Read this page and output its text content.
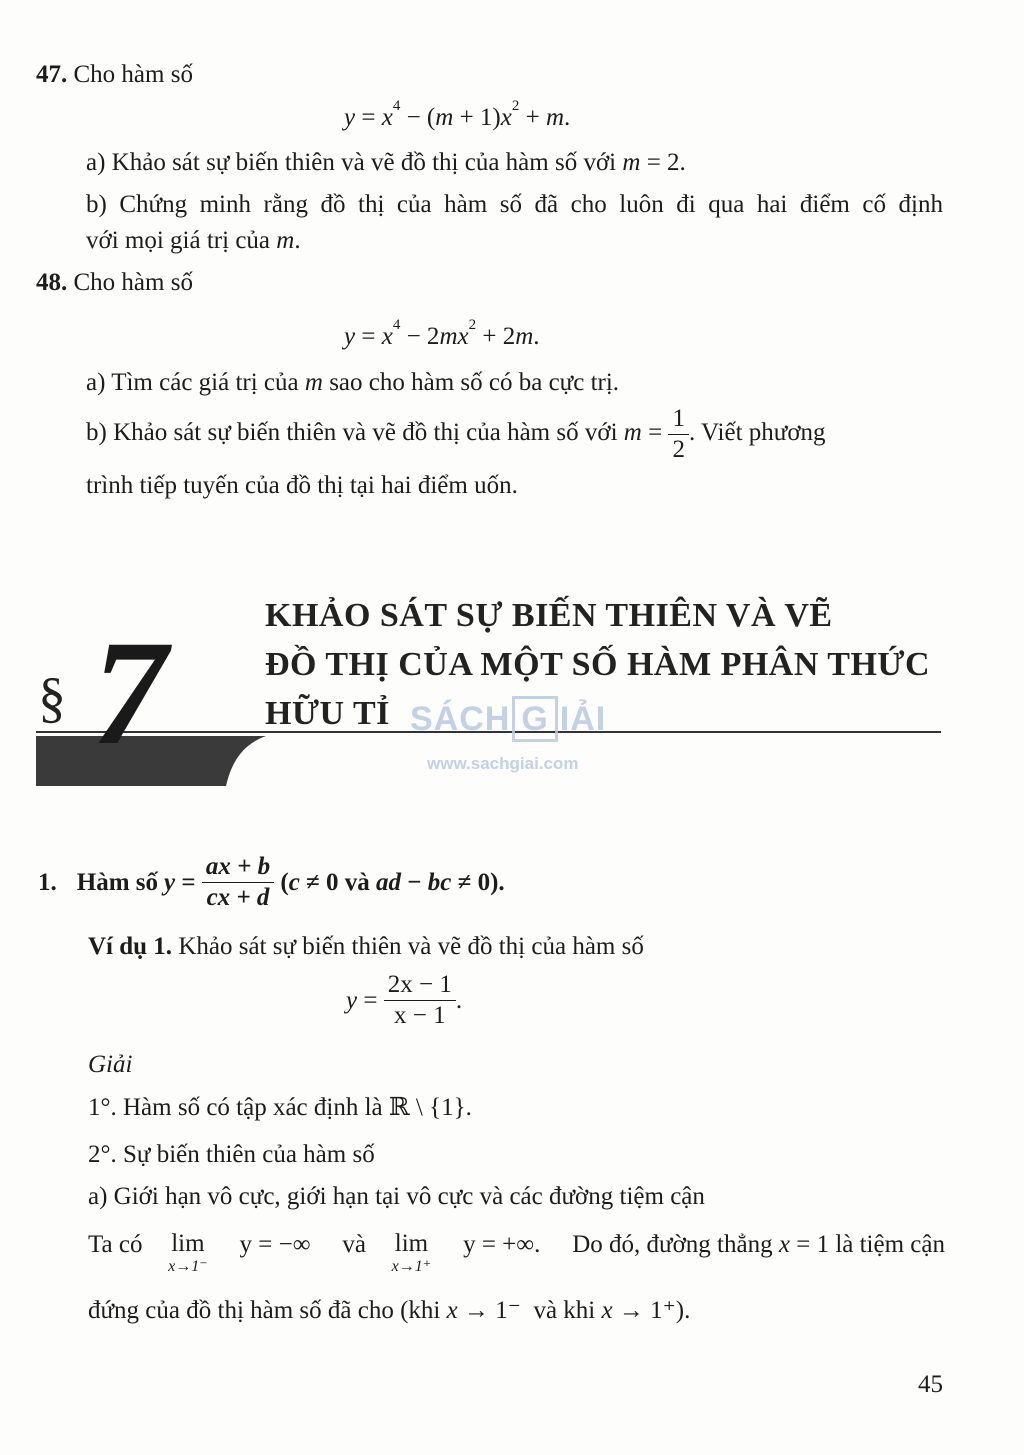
47. Cho hàm số
$y = x^4 - (m + 1)x^2 + m$.
a) Khảo sát sự biến thiên và vẽ đồ thị của hàm số với m = 2.
b) Chứng minh rằng đồ thị của hàm số đã cho luôn đi qua hai điểm cố định
với mọi giá trị của m.
48. Cho hàm số
$y = x^4 - 2mx^2 + 2m$.
a) Tìm các giá trị của m sao cho hàm số có ba cực trị.
b) Khảo sát sự biến thiên và vẽ đồ thị của hàm số với $m = \frac{1}{2}$ . Viết phương
trình tiếp tuyến của đồ thị tại hai điểm uốn.
§ 7	KHẢO SÁT SỰ BIẾN THIÊN VÀ VẼ
ĐỒ THỊ CỦA MỘT SỐ HÀM PHÂN THỨC
HỮU TỈ SÁCH G IẢI
www.sachgiai.com
1. Hàm số $y = \frac{ax + b}{cx + d}$ ( c ≠ 0 và ad − bc ≠ 0).
Ví dụ 1. Khảo sát sự biến thiên và vẽ đồ thị của hàm số
$y = \frac{2x - 1}{x - 1}$ .
Giải
1°. Hàm số có tập xác định là ℝ \ {1}.
2°. Sự biến thiên của hàm số
a) Giới hạn vô cực, giới hạn tại vô cực và các đường tiệm cận
Ta có lim
x→1⁻
y = −∞ và lim
x→1⁺
y = +∞. Do đó, đường thẳng x = 1 là tiệm cận
đứng của đồ thị hàm số đã cho (khi x → 1⁻  và khi x → 1⁺).
45
